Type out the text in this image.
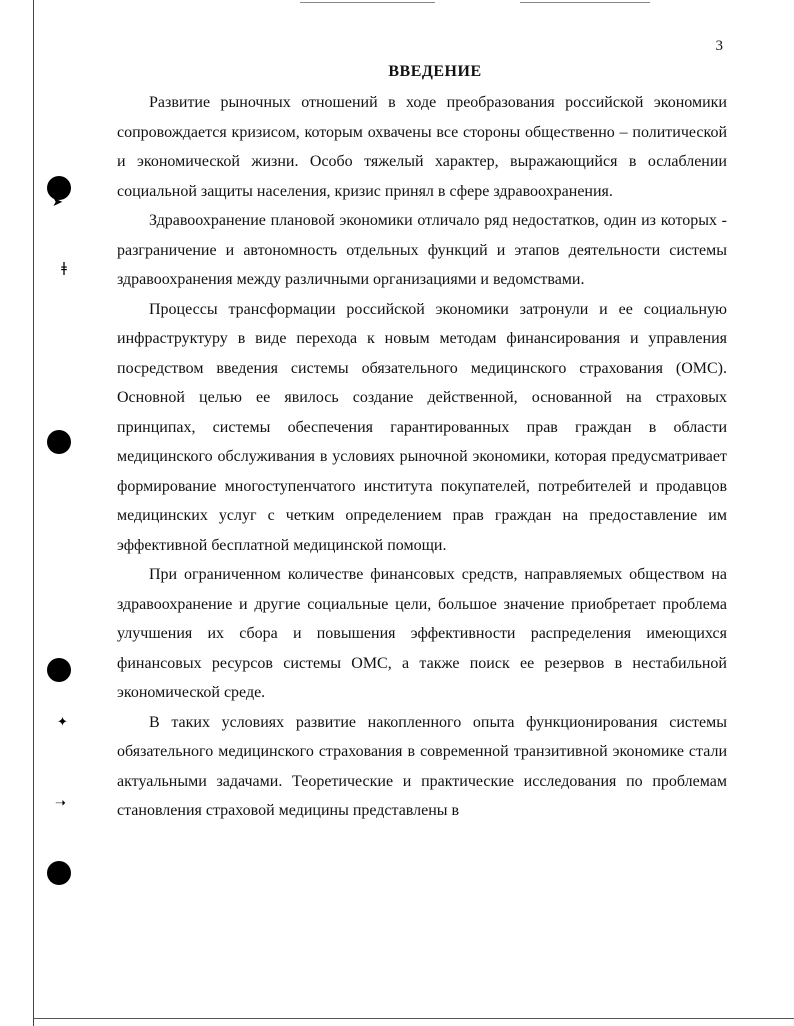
➤
ǂ
✦
➝
3
ВВЕДЕНИЕ

Развитие рыночных отношений в ходе преобразования российской экономики сопровождается кризисом, которым охвачены все стороны общественно – политической и экономической жизни. Особо тяжелый характер, выражающийся в ослаблении социальной защиты населения, кризис принял в сфере здравоохранения.

Здравоохранение плановой экономики отличало ряд недостатков, один из которых - разграничение и автономность отдельных функций и этапов деятельности системы здравоохранения между различными организациями и ведомствами.

Процессы трансформации российской экономики затронули и ее социальную инфраструктуру в виде перехода к новым методам финансирования и управления посредством введения системы обязательного медицинского страхования (ОМС). Основной целью ее явилось создание действенной, основанной на страховых принципах, системы обеспечения гарантированных прав граждан в области медицинского обслуживания в условиях рыночной экономики, которая предусматривает формирование многоступенчатого института покупателей, потребителей и продавцов медицинских услуг с четким определением прав граждан на предоставление им эффективной бесплатной медицинской помощи.

При ограниченном количестве финансовых средств, направляемых обществом на здравоохранение и другие социальные цели, большое значение приобретает проблема улучшения их сбора и повышения эффективности распределения имеющихся финансовых ресурсов системы ОМС, а также поиск ее резервов в нестабильной экономической среде.

В таких условиях развитие накопленного опыта функционирования системы обязательного медицинского страхования в современной транзитивной экономике стали актуальными задачами. Теоретические и практические исследования по проблемам становления страховой медицины представлены в
